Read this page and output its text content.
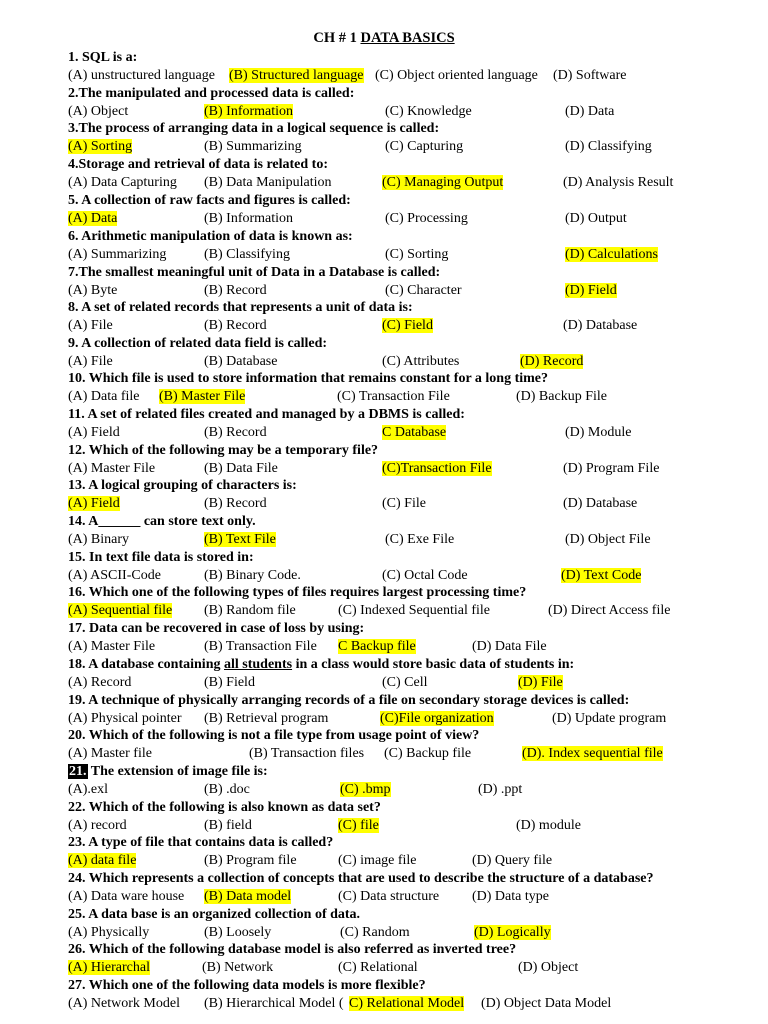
CH # 1 DATA BASICS
1. SQL is a:
(A) unstructured language (B) Structured language (C) Object oriented language (D) Software
2.The manipulated and processed data is called:
(A) Object	(B) Information	(C) Knowledge	(D) Data
3.The process of arranging data in a logical sequence is called:
(A) Sorting	(B) Summarizing	(C) Capturing	(D) Classifying
4.Storage and retrieval of data is related to:
(A) Data Capturing (B) Data Manipulation	(C) Managing Output	(D) Analysis Result
5. A collection of raw facts and figures is called:
(A) Data	(B) Information	(C) Processing	(D) Output
6. Arithmetic manipulation of data is known as:
(A) Summarizing	(B) Classifying	(C) Sorting	(D) Calculations
7.The smallest meaningful unit of Data in a Database is called:
(A) Byte	(B) Record	(C) Character	(D) Field
8. A set of related records that represents a unit of data is:
(A) File	(B) Record	(C) Field	(D) Database
9. A collection of related data field is called:
(A) File	(B) Database	(C) Attributes	(D) Record
10. Which file is used to store information that remains constant for a long time?
(A) Data file (B) Master File	(C) Transaction File	(D) Backup File
11. A set of related files created and managed by a DBMS is called:
(A) Field	(B) Record	C Database	(D) Module
12. Which of the following may be a temporary file?
(A) Master File	(B) Data File	(C)Transaction File	(D) Program File
13. A logical grouping of characters is:
(A) Field	(B) Record	(C) File	(D) Database
14. A______ can store text only.
(A) Binary	(B) Text File	(C) Exe File	(D) Object File
15. In text file data is stored in:
(A) ASCII-Code	(B) Binary Code.	(C) Octal Code	(D) Text Code
16. Which one of the following types of files requires largest processing time?
(A) Sequential file (B) Random file	(C) Indexed Sequential file	(D) Direct Access file
17. Data can be recovered in case of loss by using:
(A) Master File	(B) Transaction File C Backup file	(D) Data File
18. A database containing all students in a class would store basic data of students in:
(A) Record	(B) Field	(C) Cell	(D) File
19. A technique of physically arranging records of a file on secondary storage devices is called:
(A) Physical pointer (B) Retrieval program	(C)File organization	(D) Update program
20. Which of the following is not a file type from usage point of view?
(A) Master file	(B) Transaction files (C) Backup file	(D). Index sequential file
21. The extension of image file is:
(A).exl	(B) .doc	(C) .bmp	(D) .ppt
22. Which of the following is also known as data set?
(A) record	(B) field	(C) file	(D) module
23. A type of file that contains data is called?
(A) data file	(B) Program file	(C) image file	(D) Query file
24. Which represents a collection of concepts that are used to describe the structure of a database?
(A) Data ware house (B) Data model	(C) Data structure (D) Data type
25. A data base is an organized collection of data.
(A) Physically	(B) Loosely	(C) Random	(D) Logically
26. Which of the following database model is also referred as inverted tree?
(A) Hierarchal	(B) Network	(C) Relational	(D) Object
27. Which one of the following data models is more flexible?
(A) Network Model (B) Hierarchical Model ( C) Relational Model (D) Object Data Model
